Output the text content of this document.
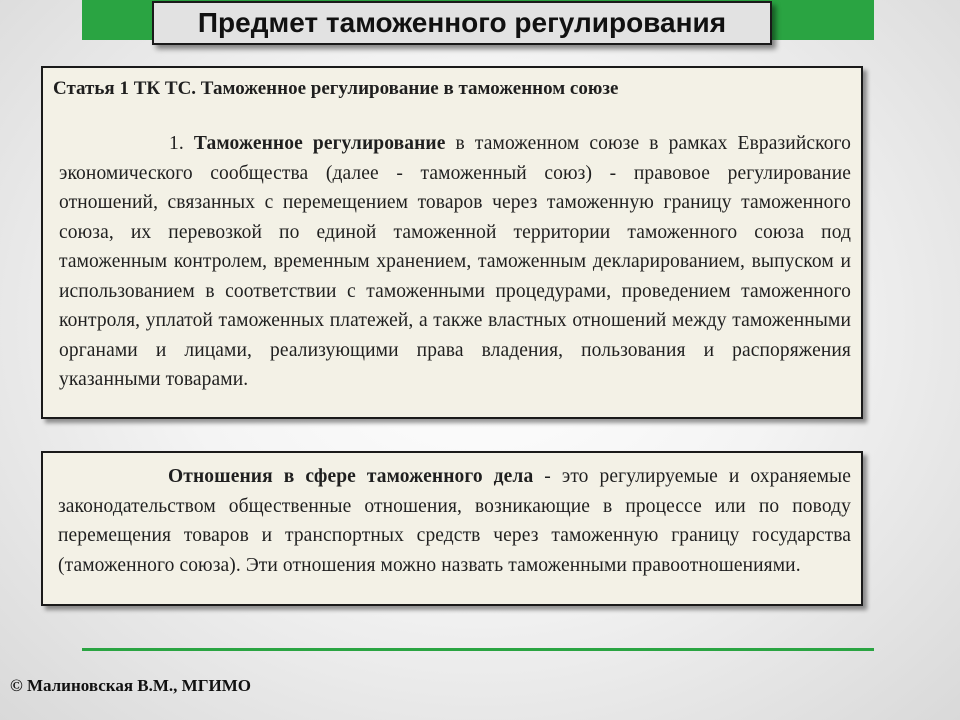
Предмет таможенного регулирования
Статья 1 ТК ТС. Таможенное регулирование в таможенном союзе

1. Таможенное регулирование в таможенном союзе в рамках Евразийского экономического сообщества (далее - таможенный союз) - правовое регулирование отношений, связанных с перемещением товаров через таможенную границу таможенного союза, их перевозкой по единой таможенной территории таможенного союза под таможенным контролем, временным хранением, таможенным декларированием, выпуском и использованием в соответствии с таможенными процедурами, проведением таможенного контроля, уплатой таможенных платежей, а также властных отношений между таможенными органами и лицами, реализующими права владения, пользования и распоряжения указанными товарами.

Отношения в сфере таможенного дела - это регулируемые и охраняемые законодательством общественные отношения, возникающие в процессе или по поводу перемещения товаров и транспортных средств через таможенную границу государства (таможенного союза). Эти отношения можно назвать таможенными правоотношениями.

© Малиновская В.М., МГИМО
